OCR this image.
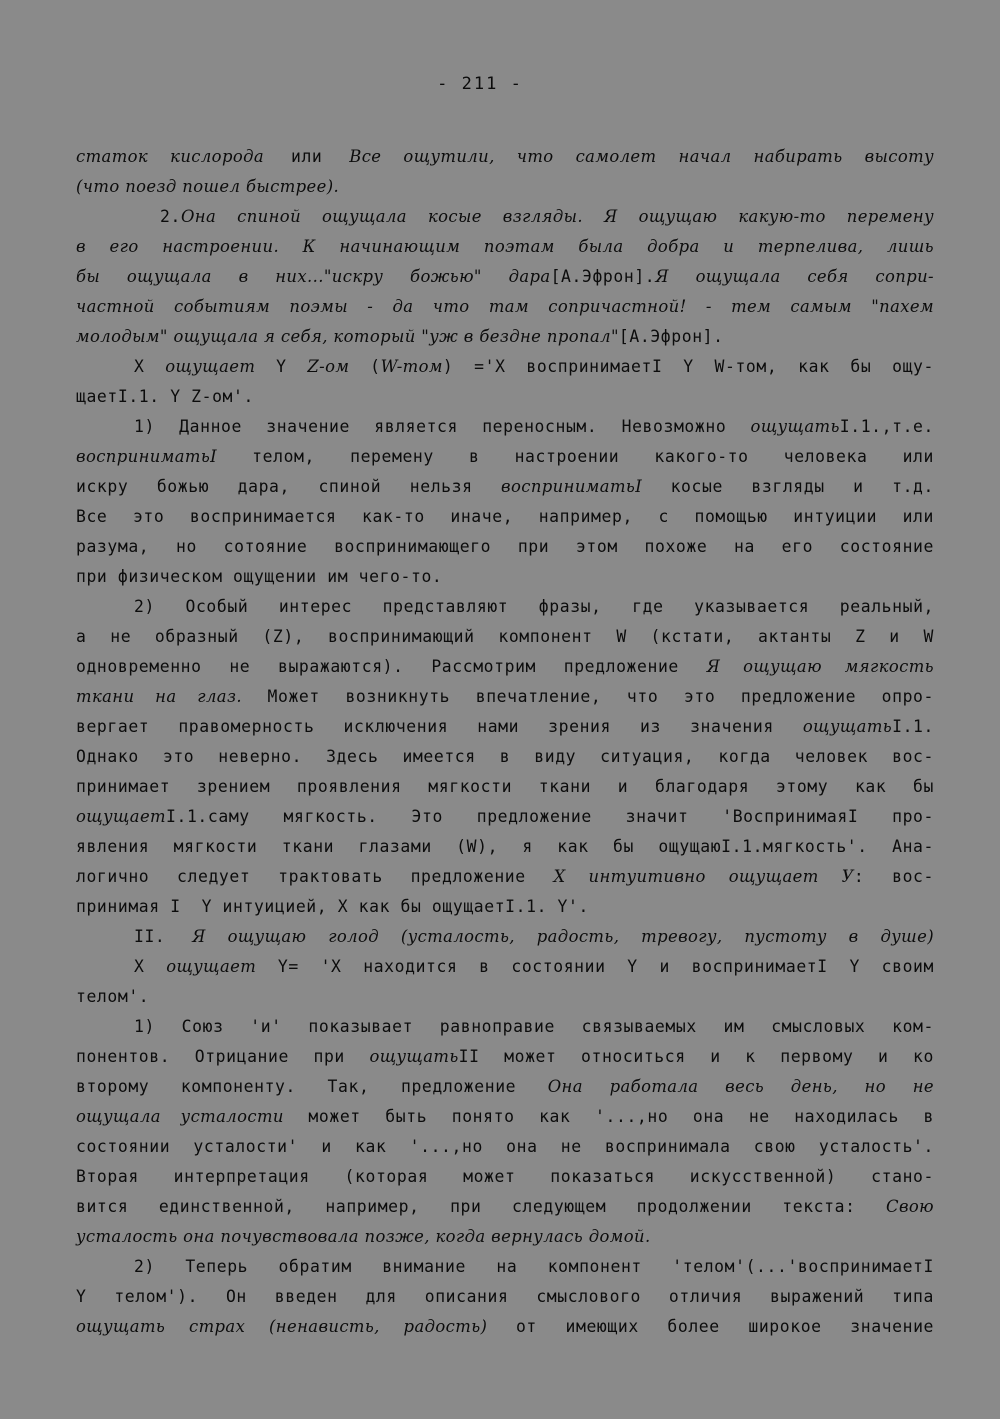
- 211 -
статок кислорода или Все ощутили, что самолет начал набирать высоту
(что поезд пошел быстрее).
2.Она спиной ощущала косые взгляды. Я ощущаю какую-то перемену
в его настроении. К начинающим поэтам была добра и терпелива, лишь
бы ощущала в них..."искру божью" дара[А.Эфрон].Я ощущала себя сопри-
частной событиям поэмы - да что там сопричастной! - тем самым "пахем
молодым" ощущала я себя, который "уж в бездне пропал"[А.Эфрон].
X ощущает Y Z-ом (W-том) ='X воспринимаетI Y W-том, как бы ощу-
щаетI.1. Y Z-ом'.
1) Данное значение является переносным. Невозможно ощущатьI.1.,т.е.
восприниматьI телом, перемену в настроении какого-то человека или
искру божью дара, спиной нельзя восприниматьI косые взгляды и т.д.
Все это воспринимается как-то иначе, например, с помощью интуиции или
разума, но сотояние воспринимающего при этом похоже на его состояние
при физическом ощущении им чего-то.
2) Особый интерес представляют фразы, где указывается реальный,
а не образный (Z), воспринимающий компонент W (кстати, актанты Z и W
одновременно не выражаются). Рассмотрим предложение Я ощущаю мягкость
ткани на глаз. Может возникнуть впечатление, что это предложение опро-
вергает правомерность исключения нами зрения из значения ощущатьI.1.
Однако это неверно. Здесь имеется в виду ситуация, когда человек вос-
принимает зрением проявления мягкости ткани и благодаря этому как бы
ощущаетI.1.саму мягкость. Это предложение значит 'ВоспринимаяI про-
явления мягкости ткани глазами (W), я как бы ощущаюI.1.мягкость'. Ана-
логично следует трактовать предложение X интуитивно ощущает У: вос-
принимая I  Y интуицией, X как бы ощущаетI.1. Y'.
II. Я ощущаю голод (усталость, радость, тревогу, пустоту в душе)
X ощущает Y= 'X находится в состоянии Y и воспринимаетI Y своим
телом'.
1) Союз 'и' показывает равноправие связываемых им смысловых ком-
понентов. Отрицание при ощущатьII может относиться и к первому и ко
второму компоненту. Так, предложение Она работала весь день, но не
ощущала усталости может быть понято как '...,но она не находилась в
состоянии усталости' и как '...,но она не воспринимала свою усталость'.
Вторая интерпретация (которая может показаться искусственной) стано-
вится единственной, например, при следующем продолжении текста: Свою
усталость она почувствовала позже, когда вернулась домой.
2) Теперь обратим внимание на компонент 'телом'(...'воспринимаетI
Y телом'). Он введен для описания смыслового отличия выражений типа
ощущать страх (ненависть, радость) от имеющих более широкое значение
